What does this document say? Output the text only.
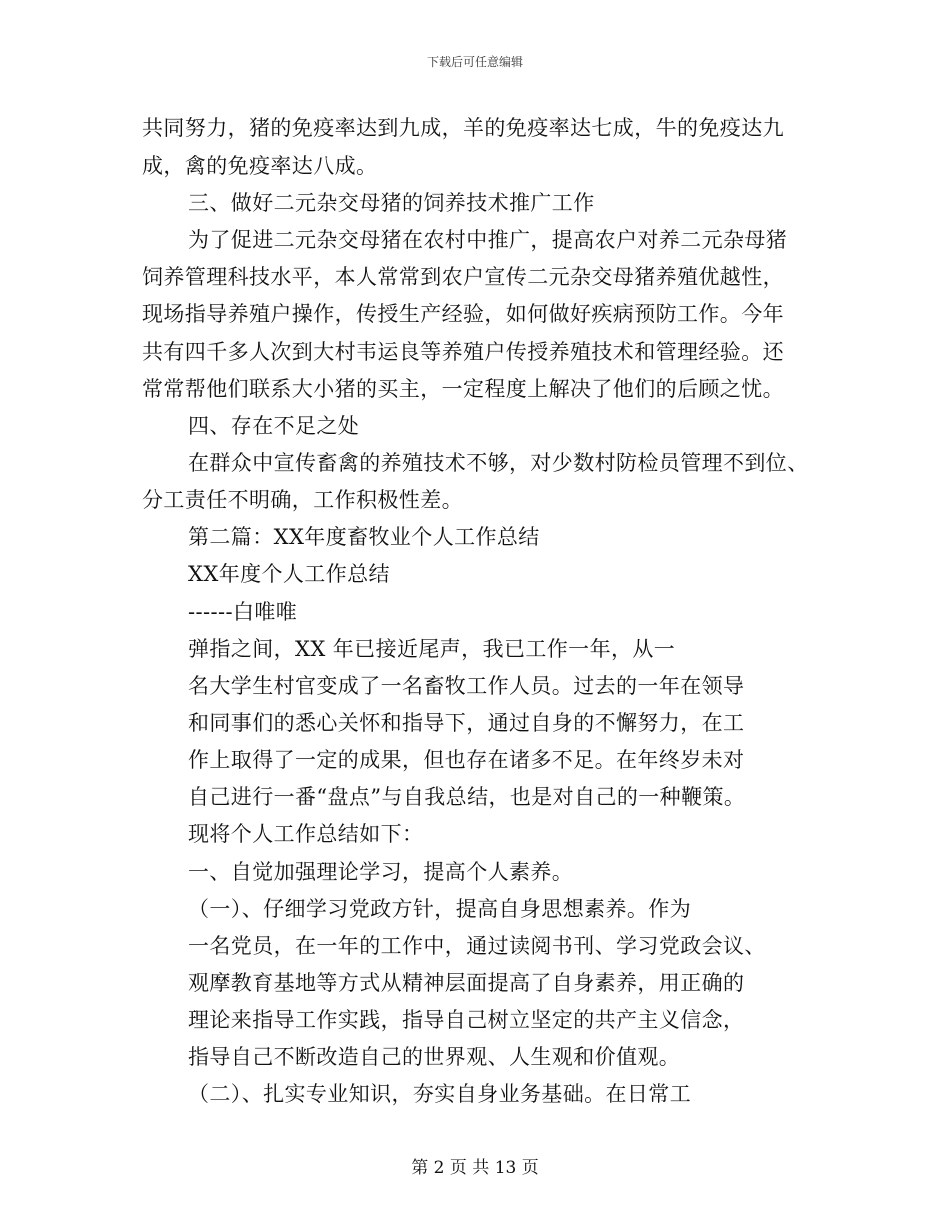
下载后可任意编辑
共同努力，猪的免疫率达到九成，羊的免疫率达七成，牛的免疫达九
成，禽的免疫率达八成。
三、做好二元杂交母猪的饲养技术推广工作
为了促进二元杂交母猪在农村中推广，提高农户对养二元杂母猪
饲养管理科技水平，本人常常到农户宣传二元杂交母猪养殖优越性，
现场指导养殖户操作，传授生产经验，如何做好疾病预防工作。今年
共有四千多人次到大村韦运良等养殖户传授养殖技术和管理经验。还
常常帮他们联系大小猪的买主，一定程度上解决了他们的后顾之忧。
四、存在不足之处
在群众中宣传畜禽的养殖技术不够，对少数村防检员管理不到位、
分工责任不明确，工作积极性差。
第二篇：XX年度畜牧业个人工作总结
XX年度个人工作总结
------白唯唯
弹指之间，XX 年已接近尾声，我已工作一年，从一
名大学生村官变成了一名畜牧工作人员。过去的一年在领导
和同事们的悉心关怀和指导下，通过自身的不懈努力，在工
作上取得了一定的成果，但也存在诸多不足。在年终岁未对
自己进行一番“盘点”与自我总结，也是对自己的一种鞭策。
现将个人工作总结如下：
一、自觉加强理论学习，提高个人素养。
（一）、仔细学习党政方针，提高自身思想素养。作为
一名党员，在一年的工作中，通过读阅书刊、学习党政会议、
观摩教育基地等方式从精神层面提高了自身素养，用正确的
理论来指导工作实践，指导自己树立坚定的共产主义信念，
指导自己不断改造自己的世界观、人生观和价值观。
（二）、扎实专业知识，夯实自身业务基础。在日常工
第 2 页 共 13 页
